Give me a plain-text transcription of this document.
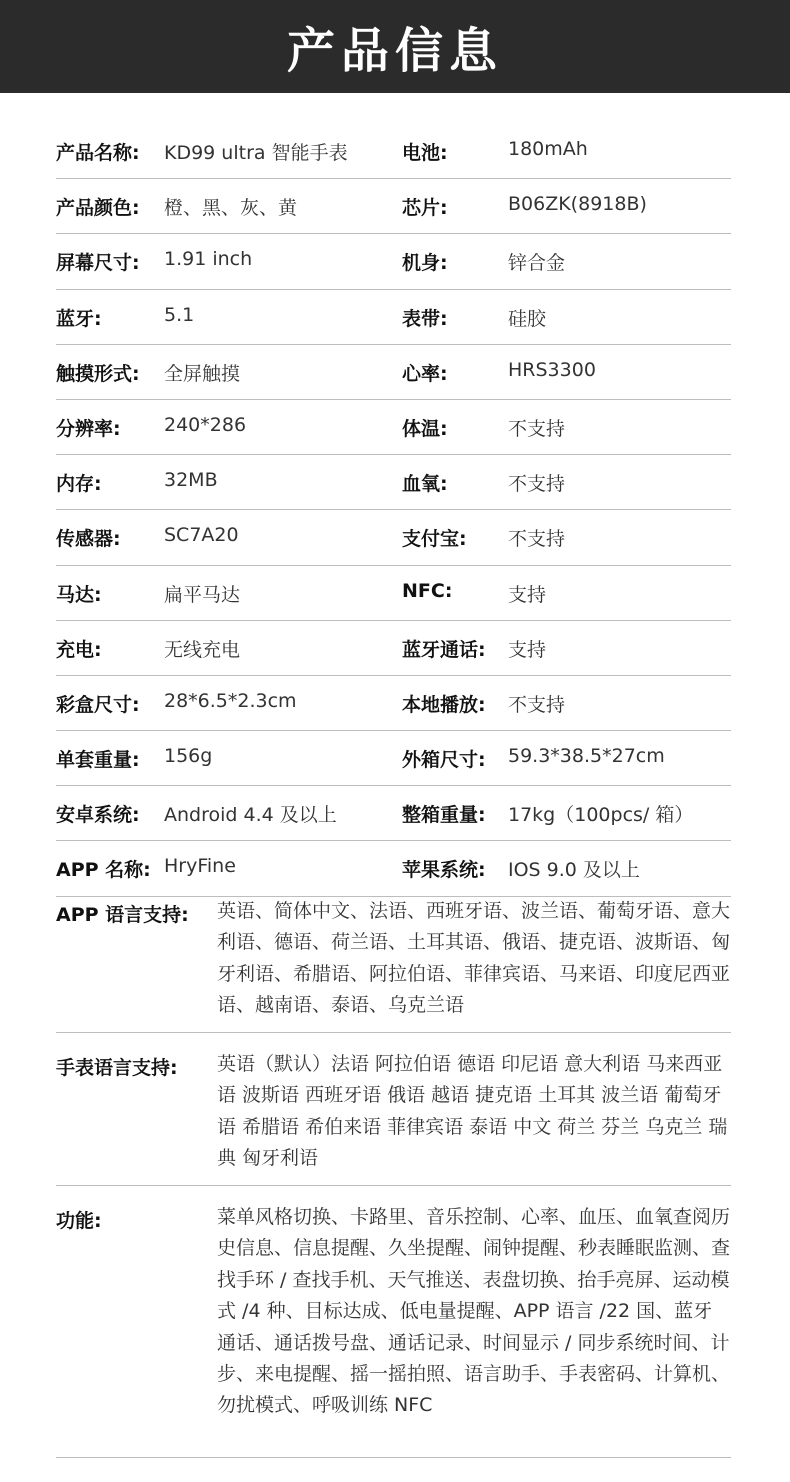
产品信息
产品名称: KD99 ultra 智能手表	电池:	180mAh
产品颜色: 橙、黑、灰、黄	芯片:	B06ZK(8918B)
屏幕尺寸: 1.91 inch	机身:	锌合金
蓝牙:	5.1	表带:	硅胶
触摸形式: 全屏触摸	心率:	HRS3300
分辨率: 240*286	体温:	不支持
内存:	32MB	血氧:	不支持
传感器: SC7A20	支付宝: 不支持
马达:	扁平马达	NFC:	支持
充电:	无线充电	蓝牙通话: 支持
彩盒尺寸: 28*6.5*2.3cm	本地播放: 不支持
单套重量: 156g	外箱尺寸: 59.3*38.5*27cm
安卓系统: Android 4.4 及以上	整箱重量: 17kg（100pcs/ 箱）
APP 名称: HryFine	苹果系统: IOS 9.0 及以上
APP 语言支持: 英语、简体中文、法语、西班牙语、波兰语、葡萄牙语、意大利语、德语、荷兰语、土耳其语、俄语、捷克语、波斯语、匈牙利语、希腊语、阿拉伯语、菲律宾语、马来语、印度尼西亚语、越南语、泰语、乌克兰语
手表语言支持: 英语（默认）法语 阿拉伯语 德语 印尼语 意大利语 马来西亚语 波斯语 西班牙语 俄语 越语 捷克语 土耳其 波兰语 葡萄牙语 希腊语 希伯来语 菲律宾语 泰语 中文 荷兰 芬兰 乌克兰 瑞典 匈牙利语
功能:	菜单风格切换、卡路里、音乐控制、心率、血压、血氧查阅历史信息、信息提醒、久坐提醒、闹钟提醒、秒表睡眠监测、查找手环 / 查找手机、天气推送、表盘切换、抬手亮屏、运动模式 /4 种、目标达成、低电量提醒、APP 语言 /22 国、蓝牙通话、通话拨号盘、通话记录、时间显示 / 同步系统时间、计步、来电提醒、摇一摇拍照、语言助手、手表密码、计算机、勿扰模式、呼吸训练 NFC
